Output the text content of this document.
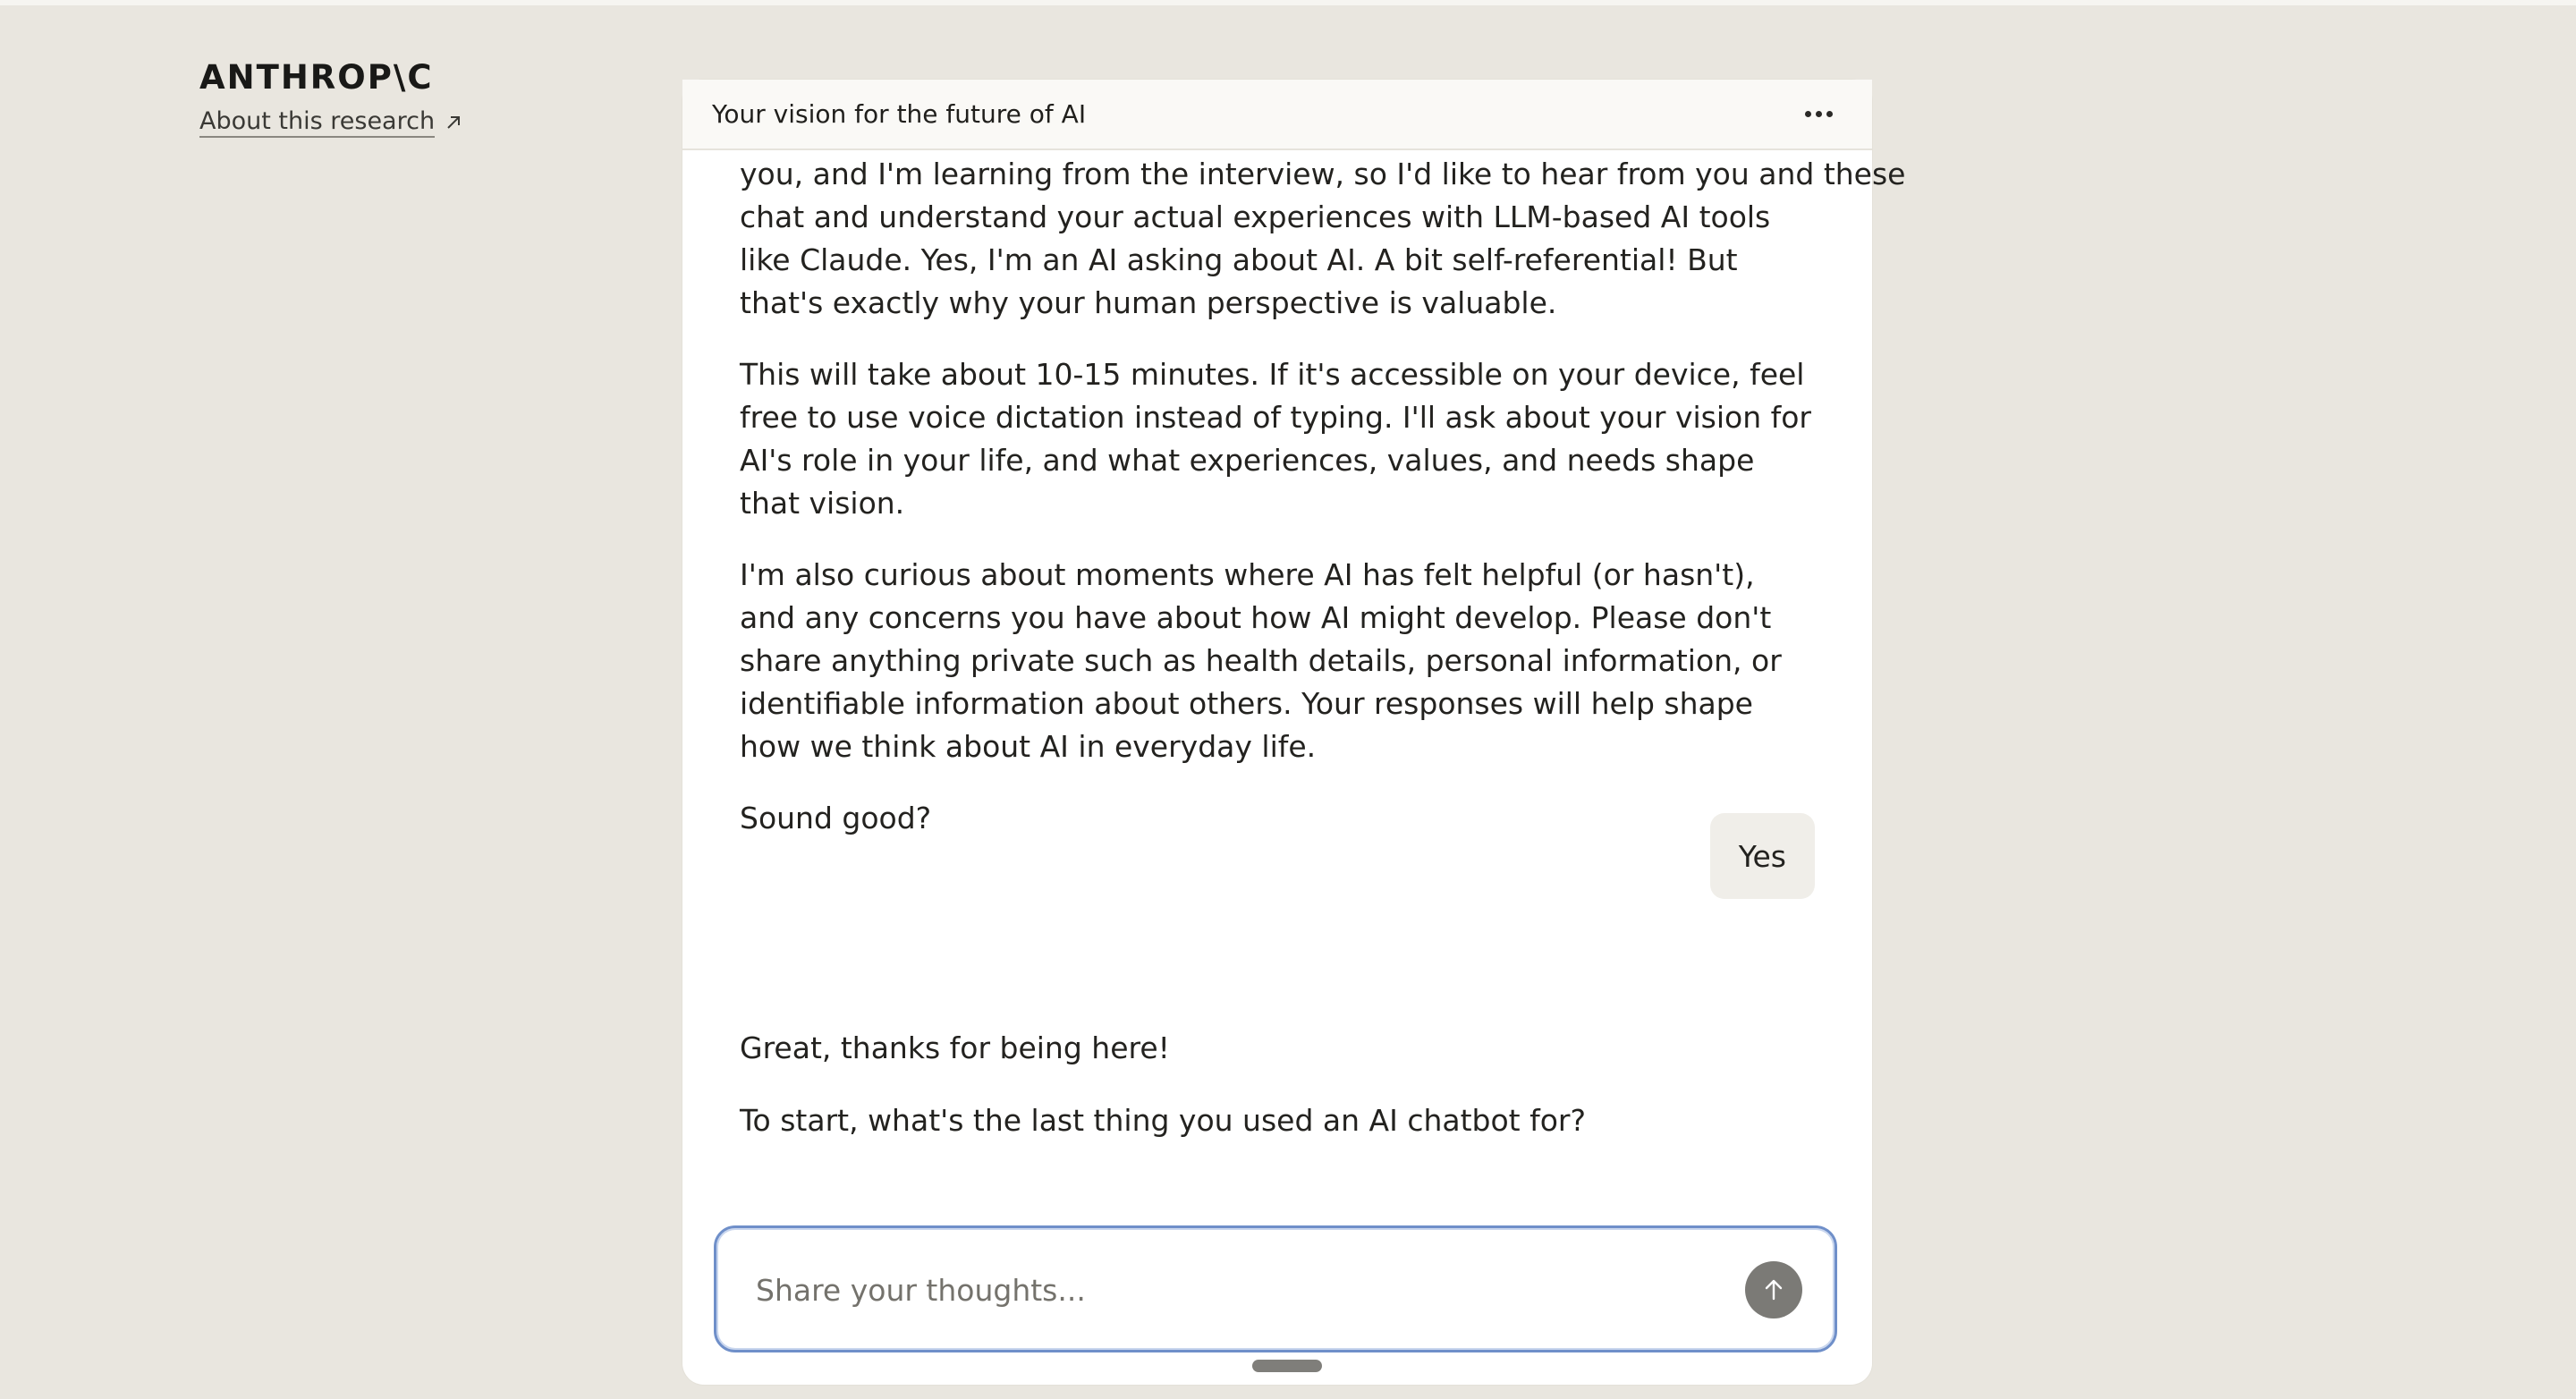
ANTHROP\C
About this research	Your vision for the future of AI
you, and I'm learning from the interview, so I'd like to hear from you and these

chat and understand your actual experiences with LLM-based AI tools like Claude. Yes, I'm an AI asking about AI. A bit self-referential! But that's exactly why your human perspective is valuable.

This will take about 10-15 minutes. If it's accessible on your device, feel free to use voice dictation instead of typing. I'll ask about your vision for AI's role in your life, and what experiences, values, and needs shape that vision.

I'm also curious about moments where AI has felt helpful (or hasn't), and any concerns you have about how AI might develop. Please don't share anything private such as health details, personal information, or identifiable information about others. Your responses will help shape how we think about AI in everyday life.

Sound good?

Yes

Great, thanks for being here!

To start, what's the last thing you used an AI chatbot for?

Share your thoughts...
